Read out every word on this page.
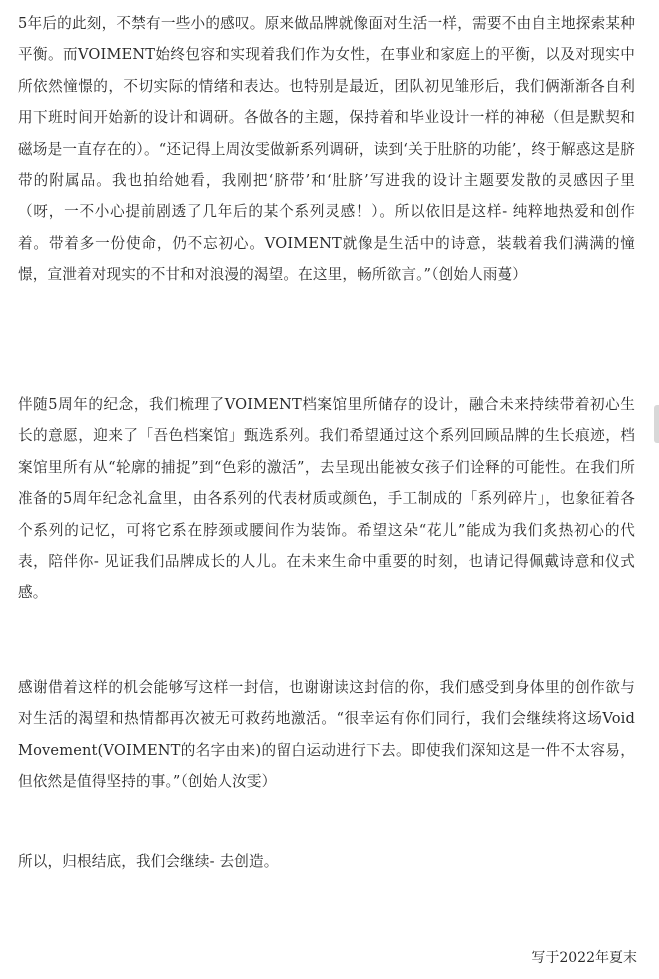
5年后的此刻，不禁有一些小的感叹。原来做品牌就像面对生活一样，需要不由自主地探索某种平衡。而VOIMENT始终包容和实现着我们作为女性，在事业和家庭上的平衡，以及对现实中所依然憧憬的，不切实际的情绪和表达。也特别是最近，团队初见雏形后，我们俩渐渐各自利用下班时间开始新的设计和调研。各做各的主题，保持着和毕业设计一样的神秘（但是默契和磁场是一直存在的）。“还记得上周汝雯做新系列调研，读到‘关于肚脐的功能’，终于解惑这是脐带的附属品。我也拍给她看，我刚把‘脐带’和‘肚脐’写进我的设计主题要发散的灵感因子里（呀，一不小心提前剧透了几年后的某个系列灵感！）。所以依旧是这样- 纯粹地热爱和创作着。带着多一份使命，仍不忘初心。VOIMENT就像是生活中的诗意，装载着我们满满的憧憬，宣泄着对现实的不甘和对浪漫的渴望。在这里，畅所欲言。”（创始人雨蔓）

伴随5周年的纪念，我们梳理了VOIMENT档案馆里所储存的设计，融合未来持续带着初心生长的意愿，迎来了「吾色档案馆」甄选系列。我们希望通过这个系列回顾品牌的生长痕迹，档案馆里所有从“轮廓的捕捉”到“色彩的激活”，去呈现出能被女孩子们诠释的可能性。在我们所准备的5周年纪念礼盒里，由各系列的代表材质或颜色，手工制成的「系列碎片」，也象征着各个系列的记忆，可将它系在脖颈或腰间作为装饰。希望这朵“花儿”能成为我们炙热初心的代表，陪伴你- 见证我们品牌成长的人儿。在未来生命中重要的时刻，也请记得佩戴诗意和仪式感。

感谢借着这样的机会能够写这样一封信，也谢谢读这封信的你，我们感受到身体里的创作欲与对生活的渴望和热情都再次被无可救药地激活。“很幸运有你们同行，我们会继续将这场Void Movement(VOIMENT的名字由来)的留白运动进行下去。即使我们深知这是一件不太容易，但依然是值得坚持的事。”（创始人汝雯）

所以，归根结底，我们会继续- 去创造。

写于2022年夏末
